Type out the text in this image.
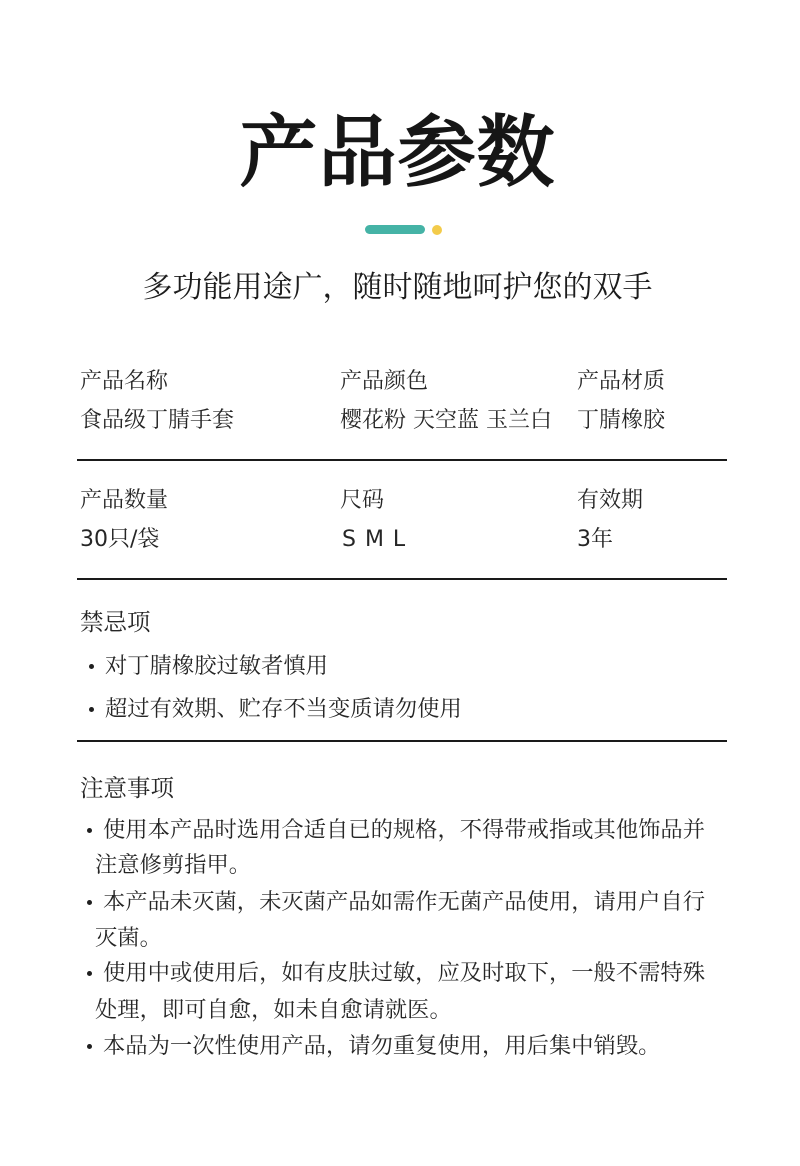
产品参数
多功能用途广，随时随地呵护您的双手
产品名称
食品级丁腈手套
产品颜色
樱花粉 天空蓝 玉兰白
产品材质
丁腈橡胶
产品数量
30只/袋
尺码
S M L
有效期
3年
禁忌项
对丁腈橡胶过敏者慎用
超过有效期、贮存不当变质请勿使用
注意事项
使用本产品时选用合适自已的规格，不得带戒指或其他饰品并
注意修剪指甲。
本产品未灭菌，未灭菌产品如需作无菌产品使用，请用户自行
灭菌。
使用中或使用后，如有皮肤过敏，应及时取下，一般不需特殊
处理，即可自愈，如未自愈请就医。
本品为一次性使用产品，请勿重复使用，用后集中销毁。
